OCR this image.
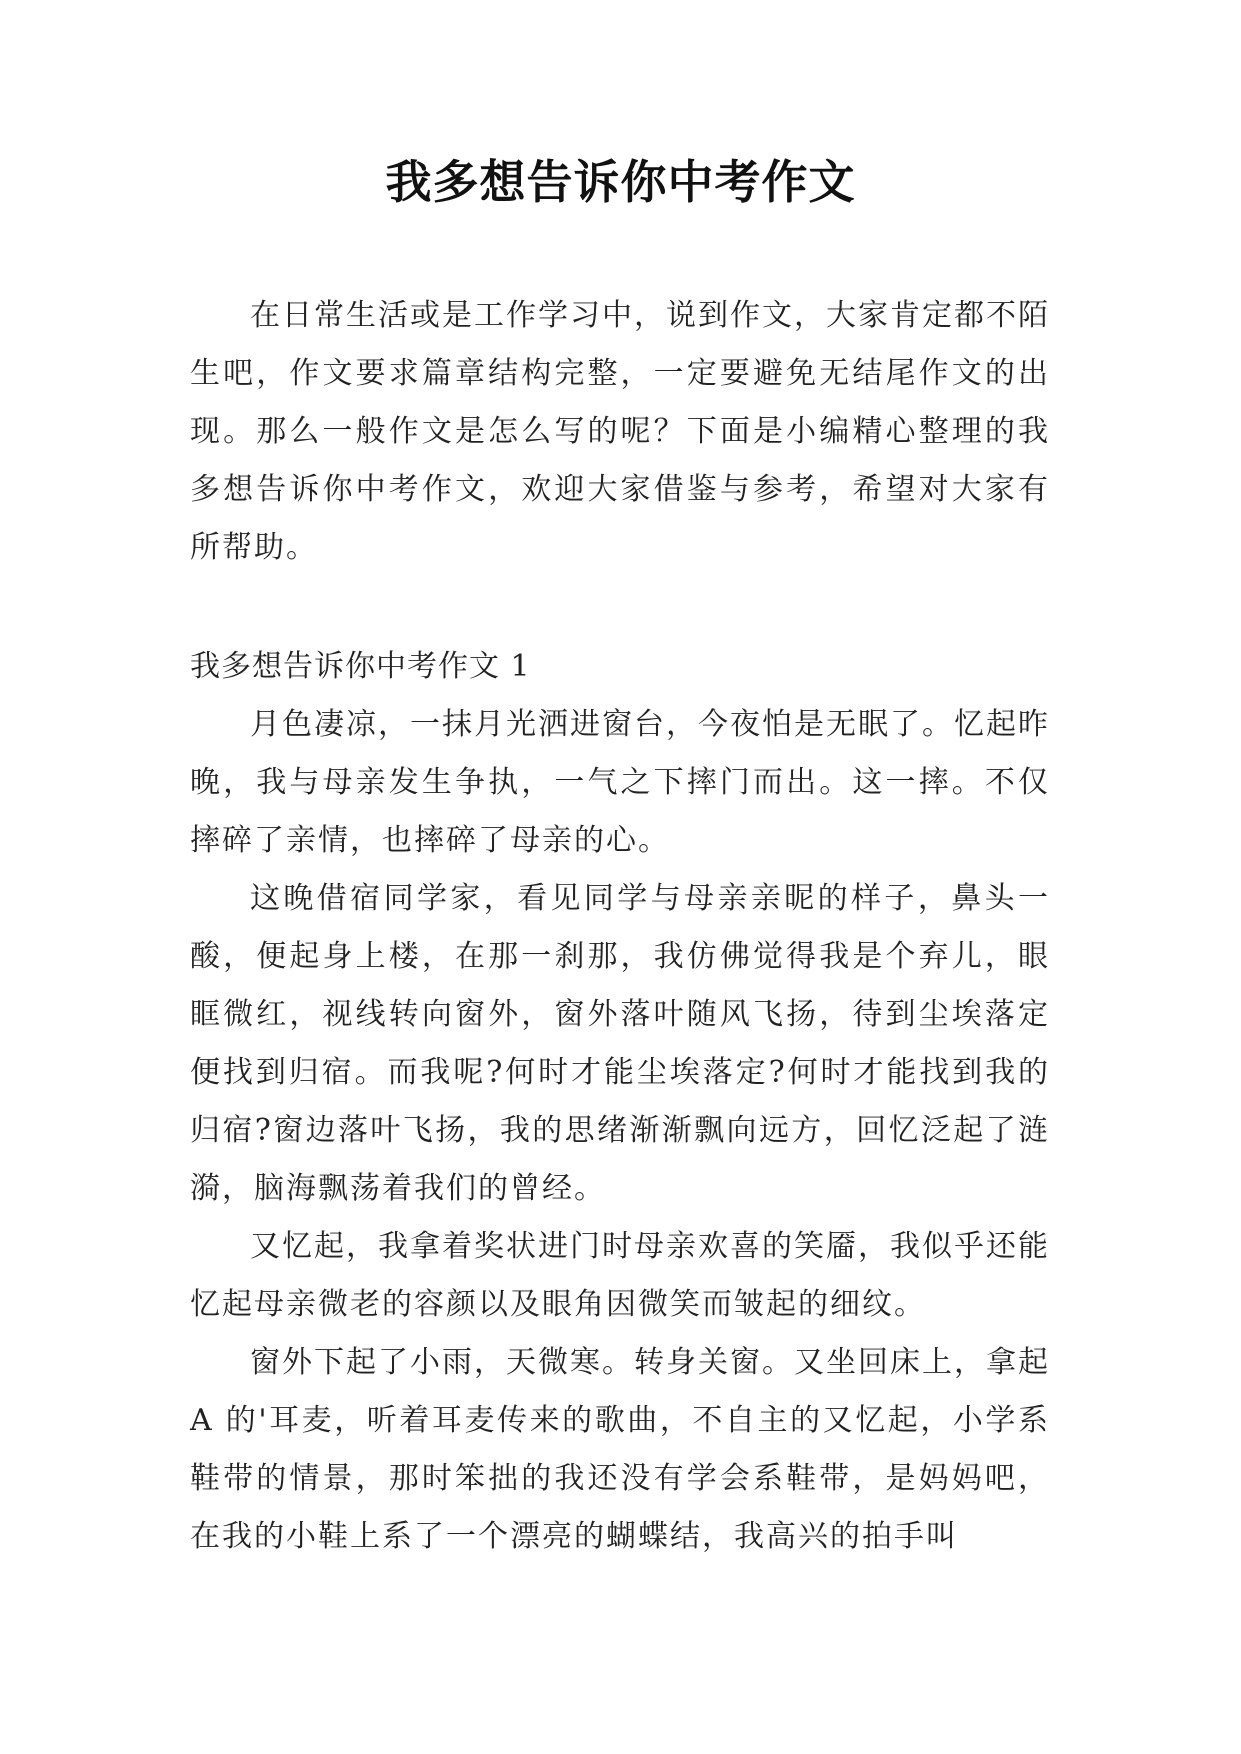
我多想告诉你中考作文

在日常生活或是工作学习中，说到作文，大家肯定都不陌生吧，作文要求篇章结构完整，一定要避免无结尾作文的出现。那么一般作文是怎么写的呢？下面是小编精心整理的我多想告诉你中考作文，欢迎大家借鉴与参考，希望对大家有所帮助。

我多想告诉你中考作文 1

月色凄凉，一抹月光洒进窗台，今夜怕是无眠了。忆起昨晚，我与母亲发生争执，一气之下摔门而出。这一摔。不仅摔碎了亲情，也摔碎了母亲的心。

这晚借宿同学家，看见同学与母亲亲昵的样子，鼻头一酸，便起身上楼，在那一刹那，我仿佛觉得我是个弃儿，眼眶微红，视线转向窗外，窗外落叶随风飞扬，待到尘埃落定便找到归宿。而我呢?何时才能尘埃落定?何时才能找到我的归宿?窗边落叶飞扬，我的思绪渐渐飘向远方，回忆泛起了涟漪，脑海飘荡着我们的曾经。

又忆起，我拿着奖状进门时母亲欢喜的笑靥，我似乎还能忆起母亲微老的容颜以及眼角因微笑而皱起的细纹。

窗外下起了小雨，天微寒。转身关窗。又坐回床上，拿起 A 的'耳麦，听着耳麦传来的歌曲，不自主的又忆起，小学系鞋带的情景，那时笨拙的我还没有学会系鞋带，是妈妈吧，在我的小鞋上系了一个漂亮的蝴蝶结，我高兴的拍手叫
